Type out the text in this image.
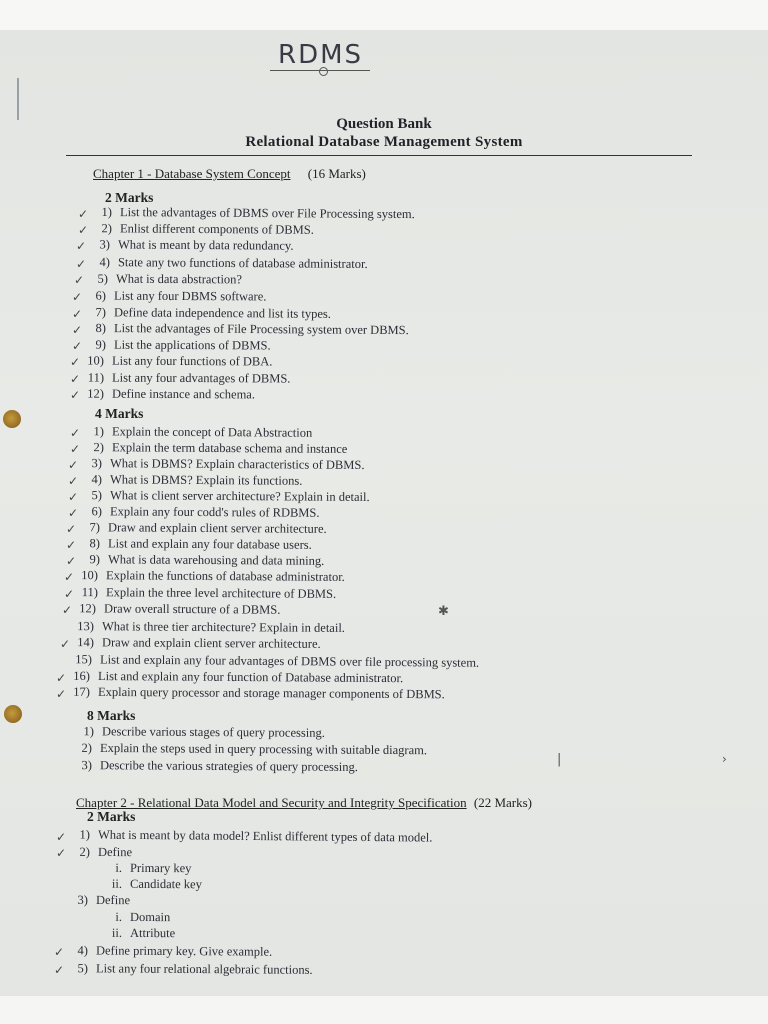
RDMS
Question Bank
Relational Database Management System
Chapter 1 - Database System Concept (16 Marks)
2 Marks
1) List the advantages of DBMS over File Processing system.
✓
2) Enlist different components of DBMS.
✓
3) What is meant by data redundancy.
✓
4) State any two functions of database administrator.
✓
5) What is data abstraction?
✓
6) List any four DBMS software.
✓
7) Define data independence and list its types.
✓
8) List the advantages of File Processing system over DBMS.
✓
9) List the applications of DBMS.
✓
10) List any four functions of DBA.
✓
11) List any four advantages of DBMS.
✓
12) Define instance and schema.
✓
4 Marks
1) Explain the concept of Data Abstraction
✓
2) Explain the term database schema and instance
✓
3) What is DBMS? Explain characteristics of DBMS.
✓
4) What is DBMS? Explain its functions.
✓
5) What is client server architecture? Explain in detail.
✓
6) Explain any four codd's rules of RDBMS.
✓
7) Draw and explain client server architecture.
✓
8) List and explain any four database users.
✓
9) What is data warehousing and data mining.
✓
10) Explain the functions of database administrator.
✓
11) Explain the three level architecture of DBMS.
✓
12) Draw overall structure of a DBMS.
✓
13) What is three tier architecture? Explain in detail.
14) Draw and explain client server architecture.
✓
15) List and explain any four advantages of DBMS over file processing system.
16) List and explain any four function of Database administrator.
✓
17) Explain query processor and storage manager components of DBMS.
✓
8 Marks
1) Describe various stages of query processing.
2) Explain the steps used in query processing with suitable diagram.
3) Describe the various strategies of query processing.
Chapter 2 - Relational Data Model and Security and Integrity Specification (22 Marks)
2 Marks
1) What is meant by data model? Enlist different types of data model.
✓
2) Define
✓
i. Primary key
ii. Candidate key
3) Define
i. Domain
ii. Attribute
4) Define primary key. Give example.
✓
5) List any four relational algebraic functions.
✓
✱
›
|
